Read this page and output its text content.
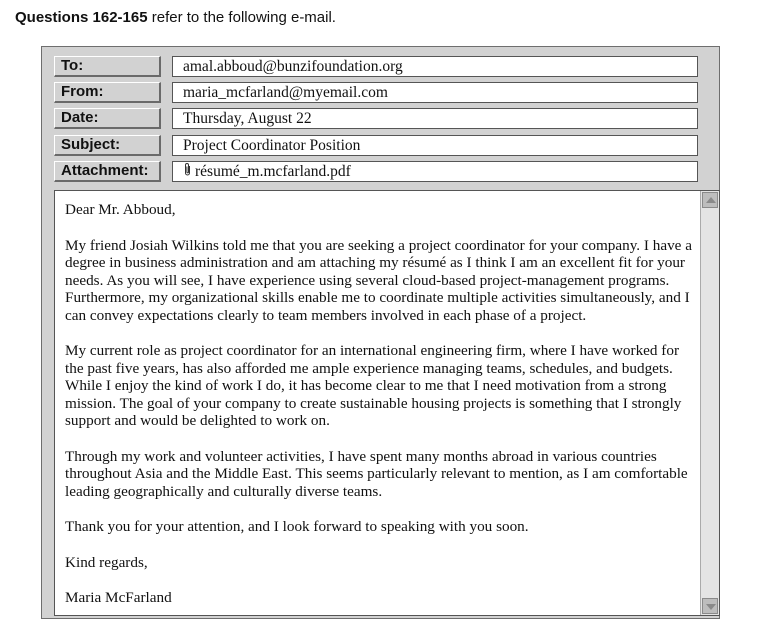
Questions 162-165 refer to the following e-mail.
To:	amal.abboud@bunzifoundation.org
From:	maria_mcfarland@myemail.com
Date:	Thursday, August 22
Subject:	Project Coordinator Position
Attachment:	résumé_m.mcfarland.pdf

Dear Mr. Abboud,

My friend Josiah Wilkins told me that you are seeking a project coordinator for your company. I have a degree in business administration and am attaching my résumé as I think I am an excellent fit for your needs. As you will see, I have experience using several cloud-based project-management programs. Furthermore, my organizational skills enable me to coordinate multiple activities simultaneously, and I can convey expectations clearly to team members involved in each phase of a project.

My current role as project coordinator for an international engineering firm, where I have worked for the past five years, has also afforded me ample experience managing teams, schedules, and budgets. While I enjoy the kind of work I do, it has become clear to me that I need motivation from a strong mission. The goal of your company to create sustainable housing projects is something that I strongly support and would be delighted to work on.

Through my work and volunteer activities, I have spent many months abroad in various countries throughout Asia and the Middle East. This seems particularly relevant to mention, as I am comfortable leading geographically and culturally diverse teams.

Thank you for your attention, and I look forward to speaking with you soon.

Kind regards,

Maria McFarland
